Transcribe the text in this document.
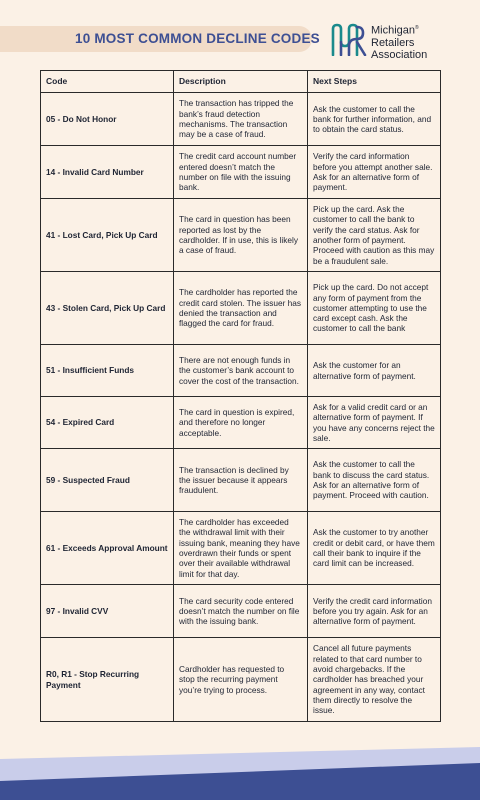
10 MOST COMMON DECLINE CODES
Michigan®
Retailers
Association
Code	Description	Next Steps
05 - Do Not Honor	The transaction has tripped the bank’s fraud detection mechanisms. The transaction may be a case of fraud.	Ask the customer to call the bank for further information, and to obtain the card status.
14 - Invalid Card Number	The credit card account number entered doesn’t match the number on file with the issuing bank.	Verify the card information before you attempt another sale. Ask for an alternative form of payment.
41 - Lost Card, Pick Up Card	The card in question has been reported as lost by the cardholder. If in use, this is likely a case of fraud.	Pick up the card. Ask the customer to call the bank to verify the card status. Ask for another form of payment. Proceed with caution as this may be a fraudulent sale.
43 - Stolen Card, Pick Up Card	The cardholder has reported the credit card stolen. The issuer has denied the transaction and flagged the card for fraud.	Pick up the card. Do not accept any form of payment from the customer attempting to use the card except cash. Ask the customer to call the bank
51 - Insufficient Funds	There are not enough funds in the customer’s bank account to cover the cost of the transaction.	Ask the customer for an alternative form of payment.
54 - Expired Card	The card in question is expired, and therefore no longer acceptable.	Ask for a valid credit card or an alternative form of payment. If you have any concerns reject the sale.
59 - Suspected Fraud	The transaction is declined by the issuer because it appears fraudulent.	Ask the customer to call the bank to discuss the card status. Ask for an alternative form of payment. Proceed with caution.
61 - Exceeds Approval Amount	The cardholder has exceeded the withdrawal limit with their issuing bank, meaning they have overdrawn their funds or spent over their available withdrawal limit for that day.	Ask the customer to try another credit or debit card, or have them call their bank to inquire if the card limit can be increased.
97 - Invalid CVV	The card security code entered doesn’t match the number on file with the issuing bank.	Verify the credit card information before you try again. Ask for an alternative form of payment.
R0, R1 - Stop Recurring Payment	Cardholder has requested to stop the recurring payment you’re trying to process.	Cancel all future payments related to that card number to avoid chargebacks. If the cardholder has breached your agreement in any way, contact them directly to resolve the issue.
